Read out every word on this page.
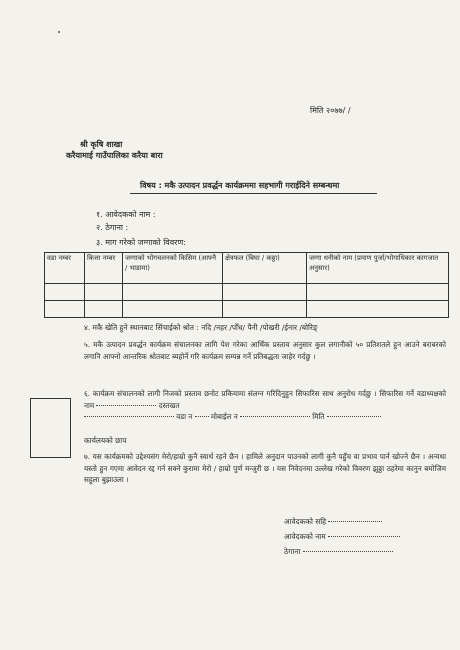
मिति २०७७/ /
श्री कृषि शाखा
करैयामाई गाउँपालिका करैया बारा
विषय : मकै उत्पादन प्रवर्द्धन कार्यक्रममा सहभागी गराईदिने सम्बन्धमा
१. आवेदकको नाम :
२. ठेगाना :
३. माग गरेको जग्गाको विवरण:
वडा नम्बर	कित्ता नम्बर	जग्गाको भोगचलनको किसिम (आफ्नै / भाडामा)	क्षेत्रफल (बिघा / कठ्ठा)	जग्गा धनीको नाम (प्रमाण पुर्जा/भोगाधिकार कागजात अनुसार)

४. मकै खेति हुने स्थानबाट सिंचाईको श्रोत : नदि /नहर /पोँध/ पैनी /पोखरी /ईनार /बोरिङ्
५. मकै उत्पादन प्रवर्द्धन कार्यक्रम संचालनका लागि पेश गरेका आर्थिक प्रस्ताव अनुसार कुल लगानीको ५० प्रतिशतले हुन आउने बराबरको लगानि आफ्नो आन्तरिक श्रोतबाट ब्यहोर्ने गरि कार्यक्रम सम्पन्न गर्ने प्रतिबद्धता जाहेर गर्दछु ।
६. कार्यक्रम संचालनको लागी निजको प्रस्ताव छनोट प्रकियामा संलग्न गरिदिनुहुन सिफारिस साथ अनुरोध गर्दछु । सिफारिस गर्ने वडाध्यक्षको नाम	दस्तखत
वडा न	मोबाईल न	मिति
कार्यलयको छाप
७. यस कार्यक्रमको उद्देश्यसंग मेरो/हाम्रो कुनै स्वार्थ रहने छैन । हामिले अनुदान पाउनको लागी कुनै पहुँच वा प्रभाव पार्न खोज्ने छैन । अन्यथा यस्तो हुन गएमा आवेदन रद्द गर्न सक्ने कुरामा मेरो / हाम्रो पुर्ण मन्जुरी छ । यस निवेदनमा उल्लेख गरेको विवरण झुठ्ठा ठहरेमा कानुन बमोजिम सहुला बुझाउला ।
आवेदकको सहि
आवेदकको नाम
ठेगाना
